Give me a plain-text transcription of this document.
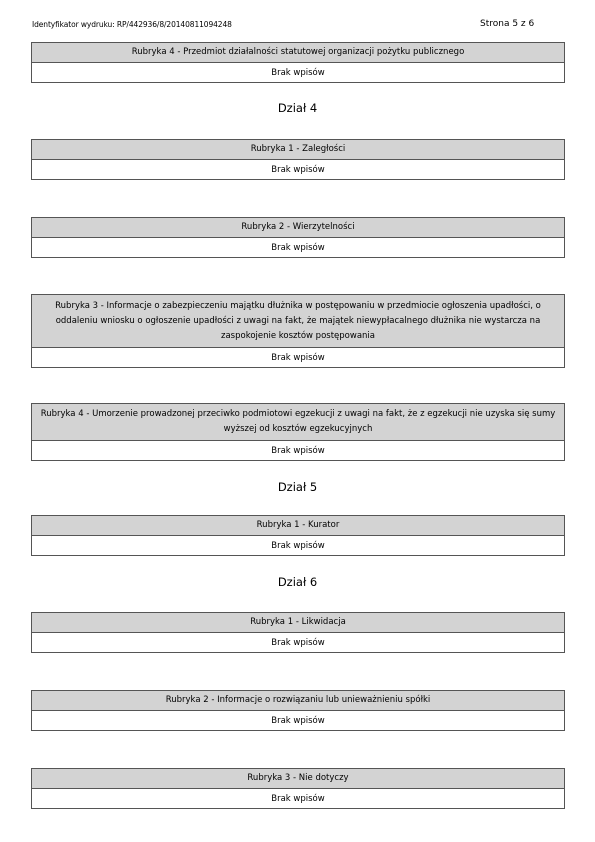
Identyfikator wydruku: RP/442936/8/20140811094248	Strona 5 z 6
Rubryka 4 - Przedmiot działalności statutowej organizacji pożytku publicznego
Brak wpisów
Dział 4
Rubryka 1 - Zaległości
Brak wpisów
Rubryka 2 - Wierzytelności
Brak wpisów
Rubryka 3 - Informacje o zabezpieczeniu majątku dłużnika w postępowaniu w przedmiocie ogłoszenia upadłości, o oddaleniu wniosku o ogłoszenie upadłości z uwagi na fakt, że majątek niewypłacalnego dłużnika nie wystarcza na zaspokojenie kosztów postępowania
Brak wpisów
Rubryka 4 - Umorzenie prowadzonej przeciwko podmiotowi egzekucji z uwagi na fakt, że z egzekucji nie uzyska się sumy wyższej od kosztów egzekucyjnych
Brak wpisów
Dział 5
Rubryka 1 - Kurator
Brak wpisów
Dział 6
Rubryka 1 - Likwidacja
Brak wpisów
Rubryka 2 - Informacje o rozwiązaniu lub unieważnieniu spółki
Brak wpisów
Rubryka 3 - Nie dotyczy
Brak wpisów
